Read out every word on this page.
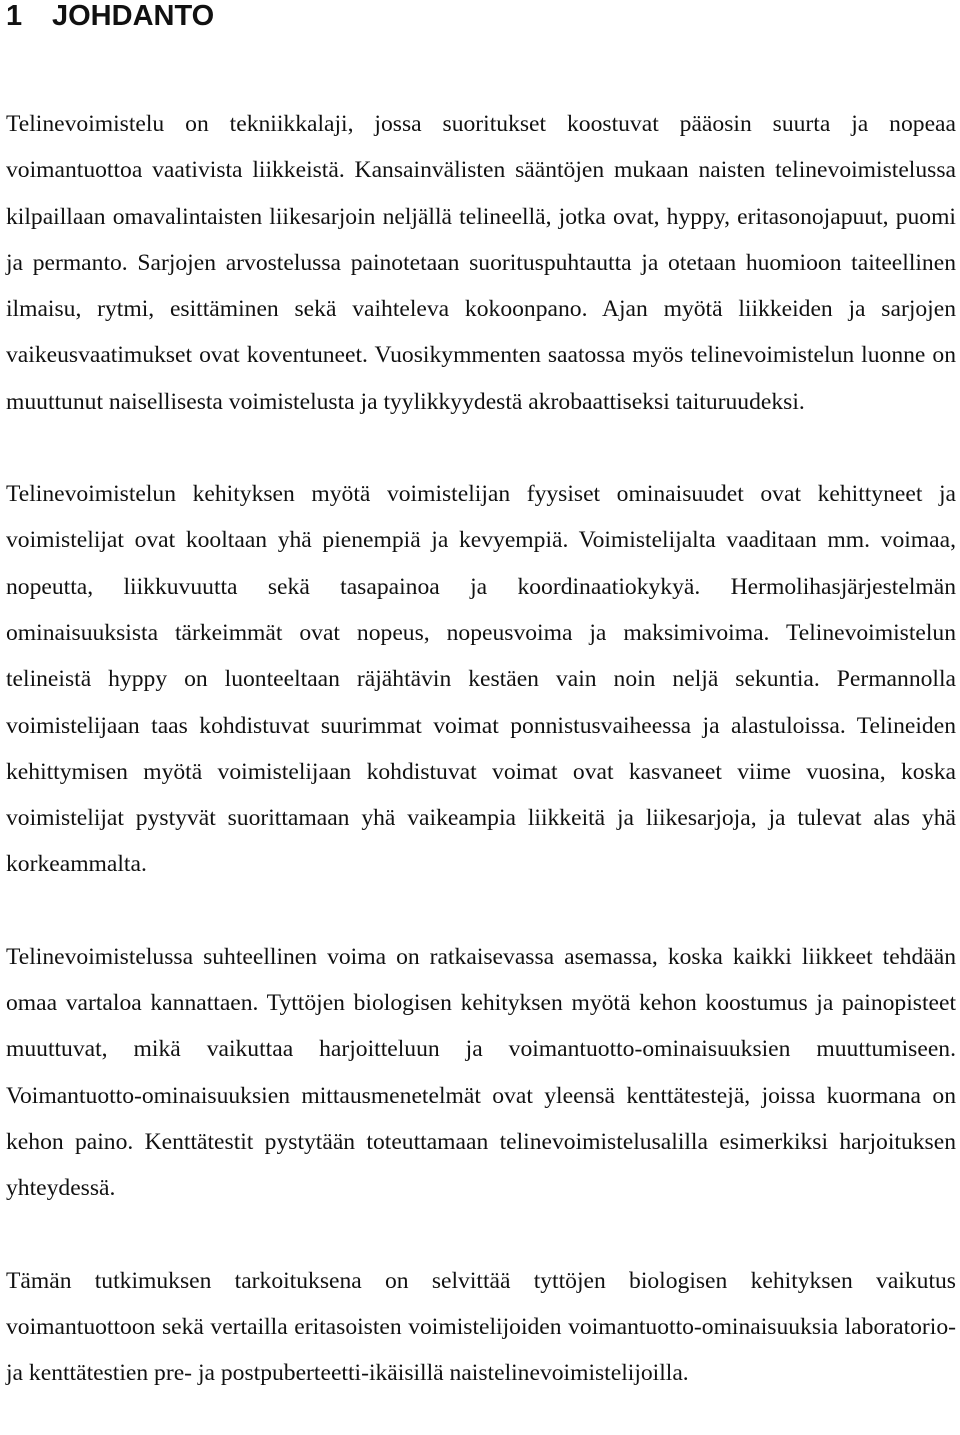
1 JOHDANTO

Telinevoimistelu on tekniikkalaji, jossa suoritukset koostuvat pääosin suurta ja nopeaa voimantuottoa vaativista liikkeistä. Kansainvälisten sääntöjen mukaan naisten telinevoimistelussa kilpaillaan omavalintaisten liikesarjoin neljällä telineellä, jotka ovat, hyppy, eritasonojapuut, puomi ja permanto. Sarjojen arvostelussa painotetaan suorituspuhtautta ja otetaan huomioon taiteellinen ilmaisu, rytmi, esittäminen sekä vaihteleva kokoonpano. Ajan myötä liikkeiden ja sarjojen vaikeusvaatimukset ovat koventuneet. Vuosikymmenten saatossa myös telinevoimistelun luonne on muuttunut naisellisesta voimistelusta ja tyylikkyydestä akrobaattiseksi taituruudeksi.

Telinevoimistelun kehityksen myötä voimistelijan fyysiset ominaisuudet ovat kehittyneet ja voimistelijat ovat kooltaan yhä pienempiä ja kevyempiä. Voimistelijalta vaaditaan mm. voimaa, nopeutta, liikkuvuutta sekä tasapainoa ja koordinaatiokykyä. Hermolihasjärjestelmän ominaisuuksista tärkeimmät ovat nopeus, nopeusvoima ja maksimivoima. Telinevoimistelun telineistä hyppy on luonteeltaan räjähtävin kestäen vain noin neljä sekuntia. Permannolla voimistelijaan taas kohdistuvat suurimmat voimat ponnistusvaiheessa ja alastuloissa. Telineiden kehittymisen myötä voimistelijaan kohdistuvat voimat ovat kasvaneet viime vuosina, koska voimistelijat pystyvät suorittamaan yhä vaikeampia liikkeitä ja liikesarjoja, ja tulevat alas yhä korkeammalta.

Telinevoimistelussa suhteellinen voima on ratkaisevassa asemassa, koska kaikki liikkeet tehdään omaa vartaloa kannattaen. Tyttöjen biologisen kehityksen myötä kehon koostumus ja painopisteet muuttuvat, mikä vaikuttaa harjoitteluun ja voimantuotto-ominaisuuksien muuttumiseen. Voimantuotto-ominaisuuksien mittausmenetelmät ovat yleensä kenttätestejä, joissa kuormana on kehon paino. Kenttätestit pystytään toteuttamaan telinevoimistelusalilla esimerkiksi harjoituksen yhteydessä.

Tämän tutkimuksen tarkoituksena on selvittää tyttöjen biologisen kehityksen vaikutus voimantuottoon sekä vertailla eritasoisten voimistelijoiden voimantuotto-ominaisuuksia laboratorio- ja kenttätestien pre- ja postpuberteetti-ikäisillä naistelinevoimistelijoilla.
